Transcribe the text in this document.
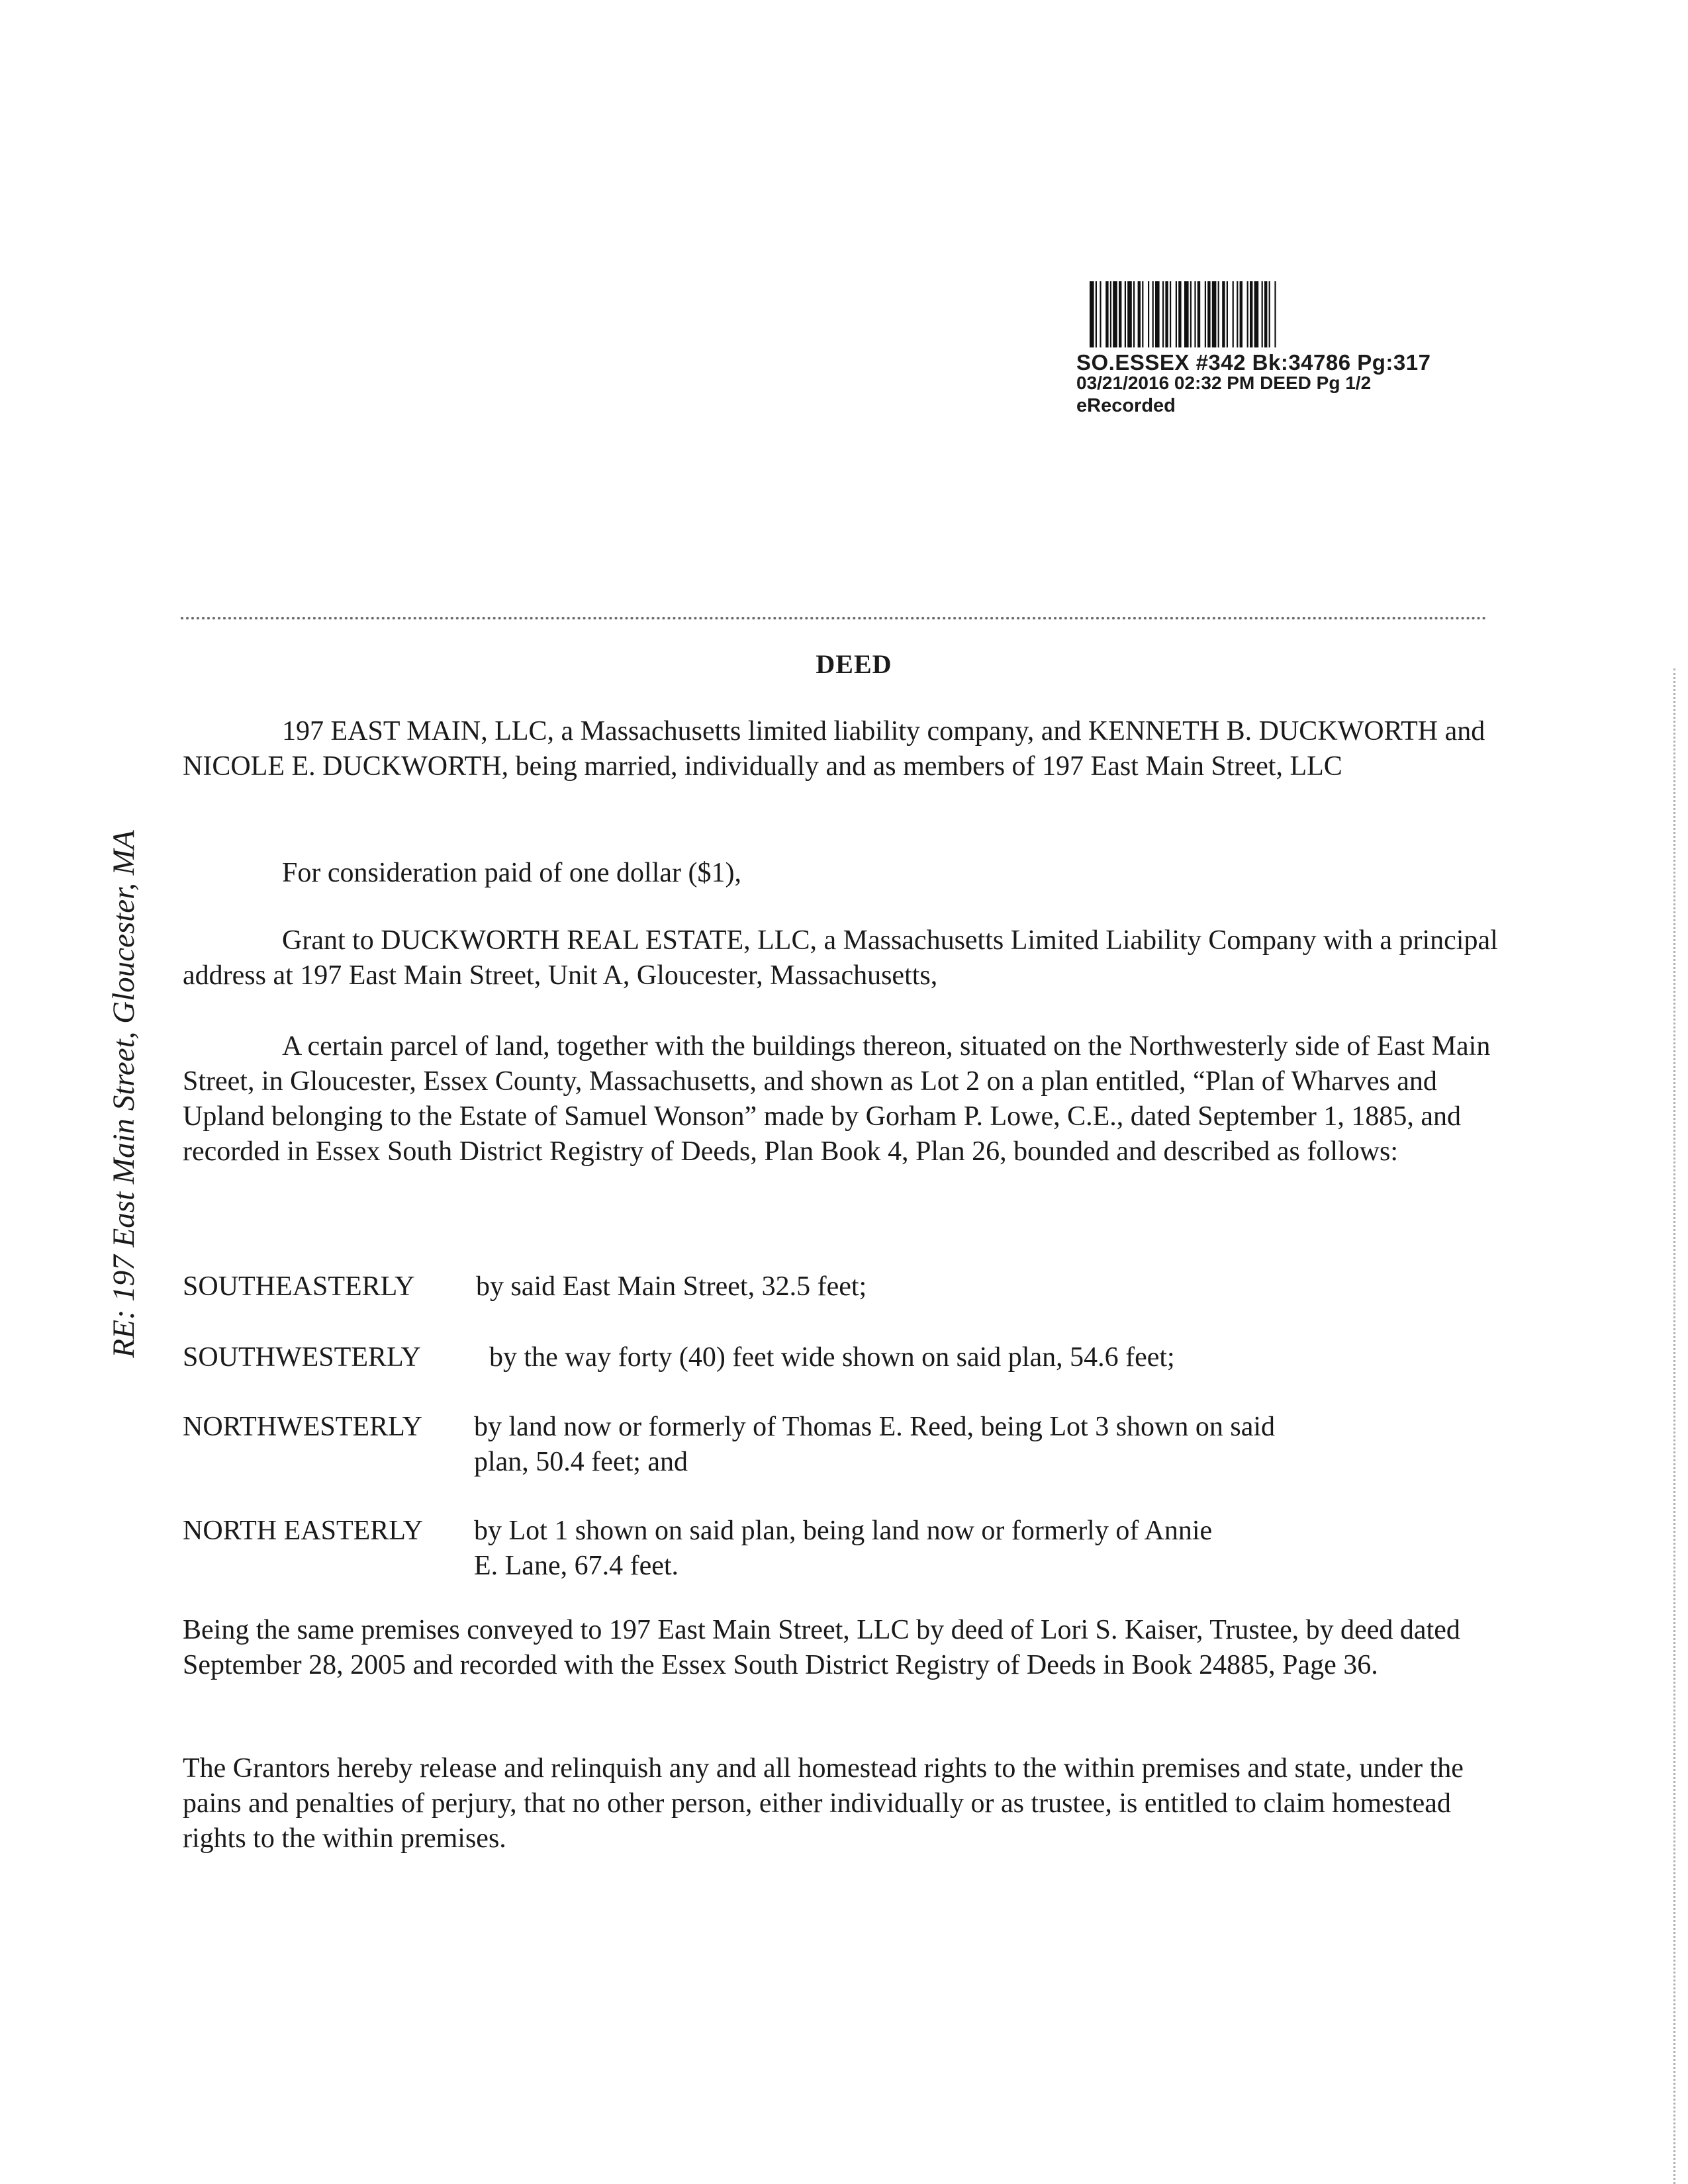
SO.ESSEX #342 Bk:34786 Pg:317
03/21/2016 02:32 PM DEED Pg 1/2
eRecorded
RE: 197 East Main Street, Gloucester, MA
DEED
197 EAST MAIN, LLC, a Massachusetts limited liability company, and KENNETH B. DUCKWORTH and NICOLE E. DUCKWORTH, being married, individually and as members of 197 East Main Street, LLC
For consideration paid of one dollar ($1),
Grant to DUCKWORTH REAL ESTATE, LLC, a Massachusetts Limited Liability Company with a principal address at 197 East Main Street, Unit A, Gloucester, Massachusetts,
A certain parcel of land, together with the buildings thereon, situated on the Northwesterly side of East Main Street, in Gloucester, Essex County, Massachusetts, and shown as Lot 2 on a plan entitled, “Plan of Wharves and Upland belonging to the Estate of Samuel Wonson” made by Gorham P. Lowe, C.E., dated September 1, 1885, and recorded in Essex South District Registry of Deeds, Plan Book 4, Plan 26, bounded and described as follows:
SOUTHEASTERLY by said East Main Street, 32.5 feet;
SOUTHWESTERLY by the way forty (40) feet wide shown on said plan, 54.6 feet;
NORTHWESTERLY by land now or formerly of Thomas E. Reed, being Lot 3 shown on said
plan, 50.4 feet; and
NORTH EASTERLY by Lot 1 shown on said plan, being land now or formerly of Annie
E. Lane, 67.4 feet.
Being the same premises conveyed to 197 East Main Street, LLC by deed of Lori S. Kaiser, Trustee, by deed dated September 28, 2005 and recorded with the Essex South District Registry of Deeds in Book 24885, Page 36.
The Grantors hereby release and relinquish any and all homestead rights to the within premises and state, under the pains and penalties of perjury, that no other person, either individually or as trustee, is entitled to claim homestead rights to the within premises.
